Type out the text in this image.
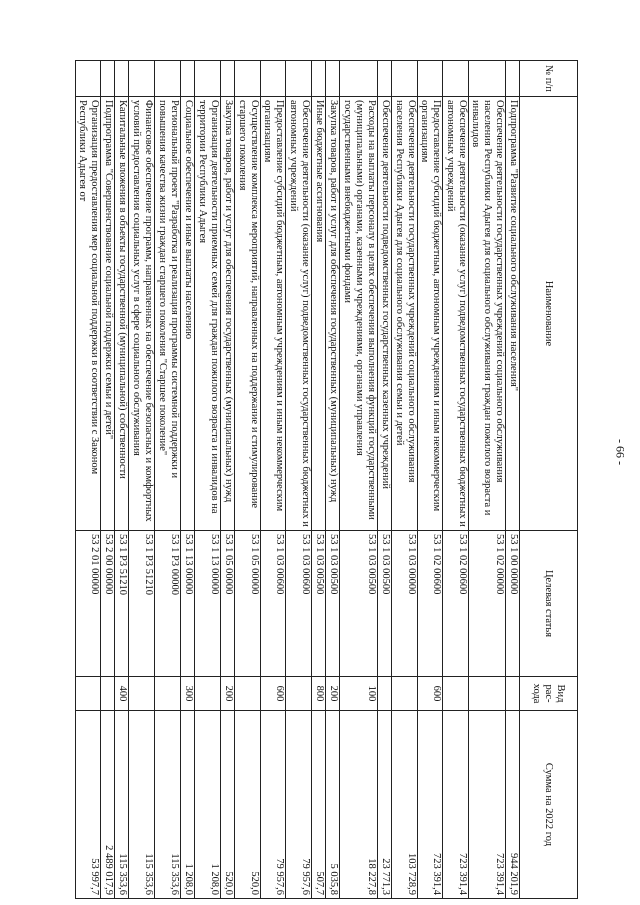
- 66 -
№ п/п	Наименование	Целевая статья	Вид рас-хода	Сумма на 2022 год
	Подпрограмма "Развитие социального обслуживания населения"	53 1 00 00000		944 201,9
	Обеспечение деятельности государственных учреждений социального обслуживания населения Республики Адыгея для социального обслуживания граждан пожилого возраста и инвалидов	53 1 02 00000		723 391,4
	Обеспечение деятельности (оказание услуг) подведомственных государственных бюджетных и автономных учреждений	53 1 02 00600		723 391,4
	Предоставление субсидий бюджетным, автономным учреждениям и иным некоммерческим организациям	53 1 02 00600	600	723 391,4
	Обеспечение деятельности государственных учреждений социального обслуживания населения Республики Адыгея для социального обслуживания семьи и детей	53 1 03 00000		103 728,9
	Обеспечение деятельности подведомственных государственных казенных учреждений	53 1 03 00500		23 771,3
	Расходы на выплаты персоналу в целях обеспечения выполнения функций государственными (муниципальными) органами, казенными учреждениями, органами управления государственными внебюджетными фондами	53 1 03 00500	100	18 227,8
	Закупка товаров, работ и услуг для обеспечения государственных (муниципальных) нужд	53 1 03 00500	200	5 035,8
	Иные бюджетные ассигнования	53 1 03 00500	800	507,7
	Обеспечение деятельности (оказание услуг) подведомственных государственных бюджетных и автономных учреждений	53 1 03 00600		79 957,6
	Предоставление субсидий бюджетным, автономным учреждениям и иным некоммерческим организациям	53 1 03 00600	600	79 957,6
	Осуществление комплекса мероприятий, направленных на поддержание и стимулирование старшего поколения	53 1 05 00000		520,0
	Закупка товаров, работ и услуг для обеспечения государственных (муниципальных) нужд	53 1 05 00000	200	520,0
	Организация деятельности приемных семей для граждан пожилого возраста и инвалидов на территории Республики Адыгея	53 1 13 00000		1 208,0
	Социальное обеспечение и иные выплаты населению	53 1 13 00000	300	1 208,0
	Региональный проект "Разработка и реализация программы системной поддержки и повышения качества жизни граждан старшего поколения "Старшее поколение"	53 1 P3 00000		115 353,6
	Финансовое обеспечение программ, направленных на обеспечение безопасных и комфортных условий предоставления социальных услуг в сфере социального обслуживания	53 1 P3 51210		115 353,6
	Капитальные вложения в объекты государственной (муниципальной) собственности	53 1 P3 51210	400	115 353,6
	Подпрограмма "Совершенствование социальной поддержки семьи и детей"	53 2 00 00000		2 489 017,9
	Организация предоставления мер социальной поддержки в соответствии с Законом Республики Адыгея от	53 2 01 00000		53 997,7
